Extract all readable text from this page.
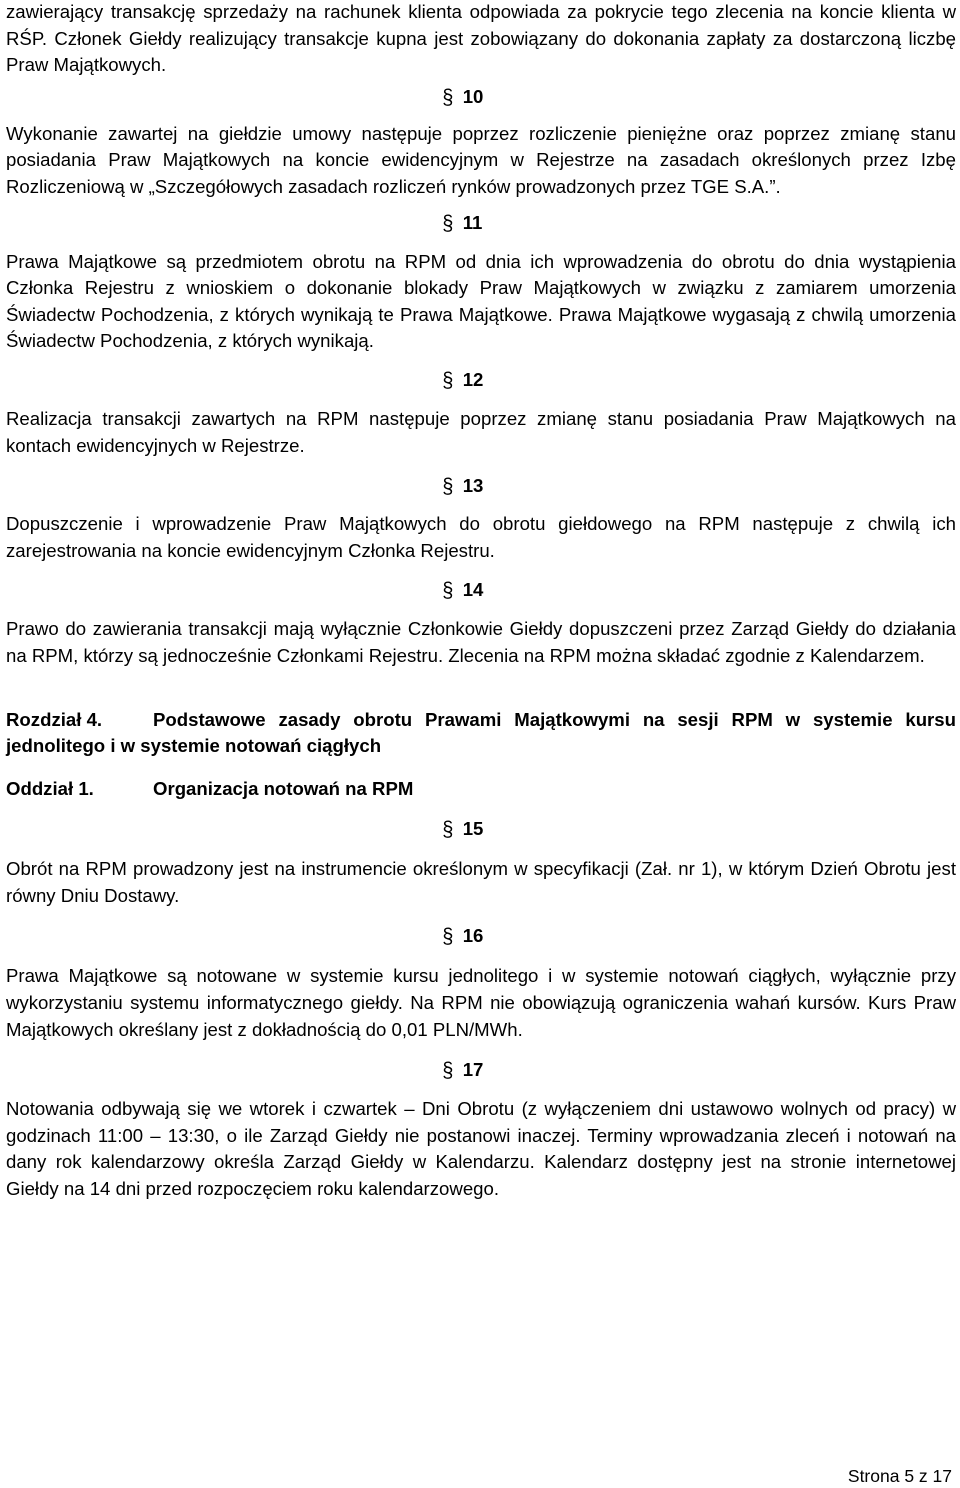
zawierający transakcję sprzedaży na rachunek klienta odpowiada za pokrycie tego zlecenia na koncie klienta w RŚP. Członek Giełdy realizujący transakcje kupna jest zobowiązany do dokonania zapłaty za dostarczoną liczbę Praw Majątkowych.

§ 10

Wykonanie zawartej na giełdzie umowy następuje poprzez rozliczenie pieniężne oraz poprzez zmianę stanu posiadania Praw Majątkowych na koncie ewidencyjnym w Rejestrze na zasadach określonych przez Izbę Rozliczeniową w „Szczegółowych zasadach rozliczeń rynków prowadzonych przez TGE S.A.”.

§ 11

Prawa Majątkowe są przedmiotem obrotu na RPM od dnia ich wprowadzenia do obrotu do dnia wystąpienia Członka Rejestru z wnioskiem o dokonanie blokady Praw Majątkowych w związku z zamiarem umorzenia Świadectw Pochodzenia, z których wynikają te Prawa Majątkowe. Prawa Majątkowe wygasają z chwilą umorzenia Świadectw Pochodzenia, z których wynikają.

§ 12

Realizacja transakcji zawartych na RPM następuje poprzez zmianę stanu posiadania Praw Majątkowych na kontach ewidencyjnych w Rejestrze.

§ 13

Dopuszczenie i wprowadzenie Praw Majątkowych do obrotu giełdowego na RPM następuje z chwilą ich zarejestrowania na koncie ewidencyjnym Członka Rejestru.

§ 14

Prawo do zawierania transakcji mają wyłącznie Członkowie Giełdy dopuszczeni przez Zarząd Giełdy do działania na RPM, którzy są jednocześnie Członkami Rejestru. Zlecenia na RPM można składać zgodnie z Kalendarzem.

Rozdział 4.	Podstawowe zasady obrotu Prawami Majątkowymi na sesji RPM w systemie kursu jednolitego i w systemie notowań ciągłych

Oddział 1.	Organizacja notowań na RPM

§ 15

Obrót na RPM prowadzony jest na instrumencie określonym w specyfikacji (Zał. nr 1), w którym Dzień Obrotu jest równy Dniu Dostawy.

§ 16

Prawa Majątkowe są notowane w systemie kursu jednolitego i w systemie notowań ciągłych, wyłącznie przy wykorzystaniu systemu informatycznego giełdy. Na RPM nie obowiązują ograniczenia wahań kursów. Kurs Praw Majątkowych określany jest z dokładnością do 0,01 PLN/MWh.

§ 17

Notowania odbywają się we wtorek i czwartek – Dni Obrotu (z wyłączeniem dni ustawowo wolnych od pracy) w godzinach 11:00 – 13:30, o ile Zarząd Giełdy nie postanowi inaczej. Terminy wprowadzania zleceń i notowań na dany rok kalendarzowy określa Zarząd Giełdy w Kalendarzu. Kalendarz dostępny jest na stronie internetowej Giełdy na 14 dni przed rozpoczęciem roku kalendarzowego.

Strona 5 z 17
